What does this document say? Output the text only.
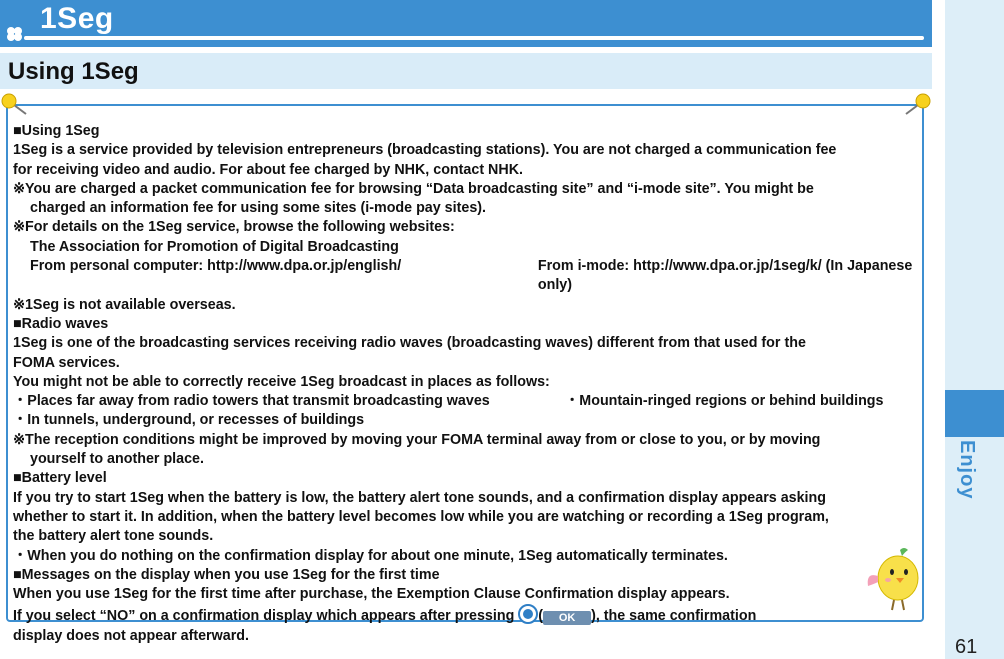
1Seg
Enjoy
61
Using 1Seg

■Using 1Seg

1Seg is a service provided by television entrepreneurs (broadcasting stations). You are not charged a communication fee

for receiving video and audio. For about fee charged by NHK, contact NHK.

※You are charged a packet communication fee for browsing “Data broadcasting site” and “i-mode site”. You might be

charged an information fee for using some sites (i-mode pay sites).

※For details on the 1Seg service, browse the following websites:

The Association for Promotion of Digital Broadcasting

From personal computer: http://www.dpa.or.jp/english/	From i-mode: http://www.dpa.or.jp/1seg/k/ (In Japanese only)

※1Seg is not available overseas.

■Radio waves

1Seg is one of the broadcasting services receiving radio waves (broadcasting waves) different from that used for the

FOMA services.

You might not be able to correctly receive 1Seg broadcast in places as follows:

・Places far away from radio towers that transmit broadcasting waves	・Mountain-ringed regions or behind buildings

・In tunnels, underground, or recesses of buildings

※The reception conditions might be improved by moving your FOMA terminal away from or close to you, or by moving

yourself to another place.

■Battery level

If you try to start 1Seg when the battery is low, the battery alert tone sounds, and a confirmation display appears asking

whether to start it. In addition, when the battery level becomes low while you are watching or recording a 1Seg program,

the battery alert tone sounds.

・When you do nothing on the confirmation display for about one minute, 1Seg automatically terminates.

■Messages on the display when you use 1Seg for the first time

When you use 1Seg for the first time after purchase, the Exemption Clause Confirmation display appears.

If you select “NO” on a confirmation display which appears after pressing ( OK ), the same confirmation

display does not appear afterward.
